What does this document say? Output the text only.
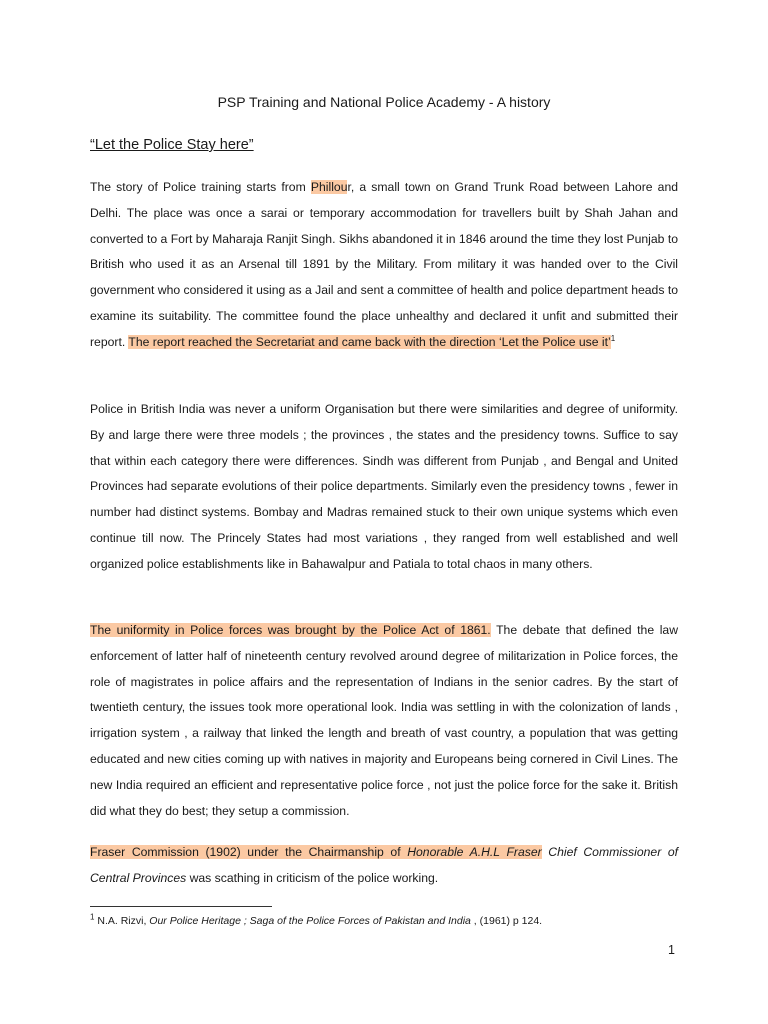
PSP Training and National Police Academy - A history
“Let the Police Stay here”

The story of Police training starts from Phillour, a small town on Grand Trunk Road between Lahore and Delhi. The place was once a sarai or temporary accommodation for travellers built by Shah Jahan and converted to a Fort by Maharaja Ranjit Singh. Sikhs abandoned it in 1846 around the time they lost Punjab to British who used it as an Arsenal till 1891 by the Military. From military it was handed over to the Civil government who considered it using as a Jail and sent a committee of health and police department heads to examine its suitability. The committee found the place unhealthy and declared it unfit and submitted their report. The report reached the Secretariat and came back with the direction ‘Let the Police use it’$^1$

Police in British India was never a uniform Organisation but there were similarities and degree of uniformity. By and large there were three models ; the provinces , the states and the presidency towns. Suffice to say that within each category there were differences. Sindh was different from Punjab , and Bengal and United Provinces had separate evolutions of their police departments. Similarly even the presidency towns , fewer in number had distinct systems. Bombay and Madras remained stuck to their own unique systems which even continue till now. The Princely States had most variations , they ranged from well established and well organized police establishments like in Bahawalpur and Patiala to total chaos in many others.

The uniformity in Police forces was brought by the Police Act of 1861. The debate that defined the law enforcement of latter half of nineteenth century revolved around degree of militarization in Police forces, the role of magistrates in police affairs and the representation of Indians in the senior cadres. By the start of twentieth century, the issues took more operational look. India was settling in with the colonization of lands , irrigation system , a railway that linked the length and breath of vast country, a population that was getting educated and new cities coming up with natives in majority and Europeans being cornered in Civil Lines. The new India required an efficient and representative police force , not just the police force for the sake it. British did what they do best; they setup a commission.

Fraser Commission (1902) under the Chairmanship of Honorable A.H.L Fraser Chief Commissioner of Central Provinces was scathing in criticism of the police working.

$^1$ N.A. Rizvi, Our Police Heritage ; Saga of the Police Forces of Pakistan and India , (1961) p 124.

1
